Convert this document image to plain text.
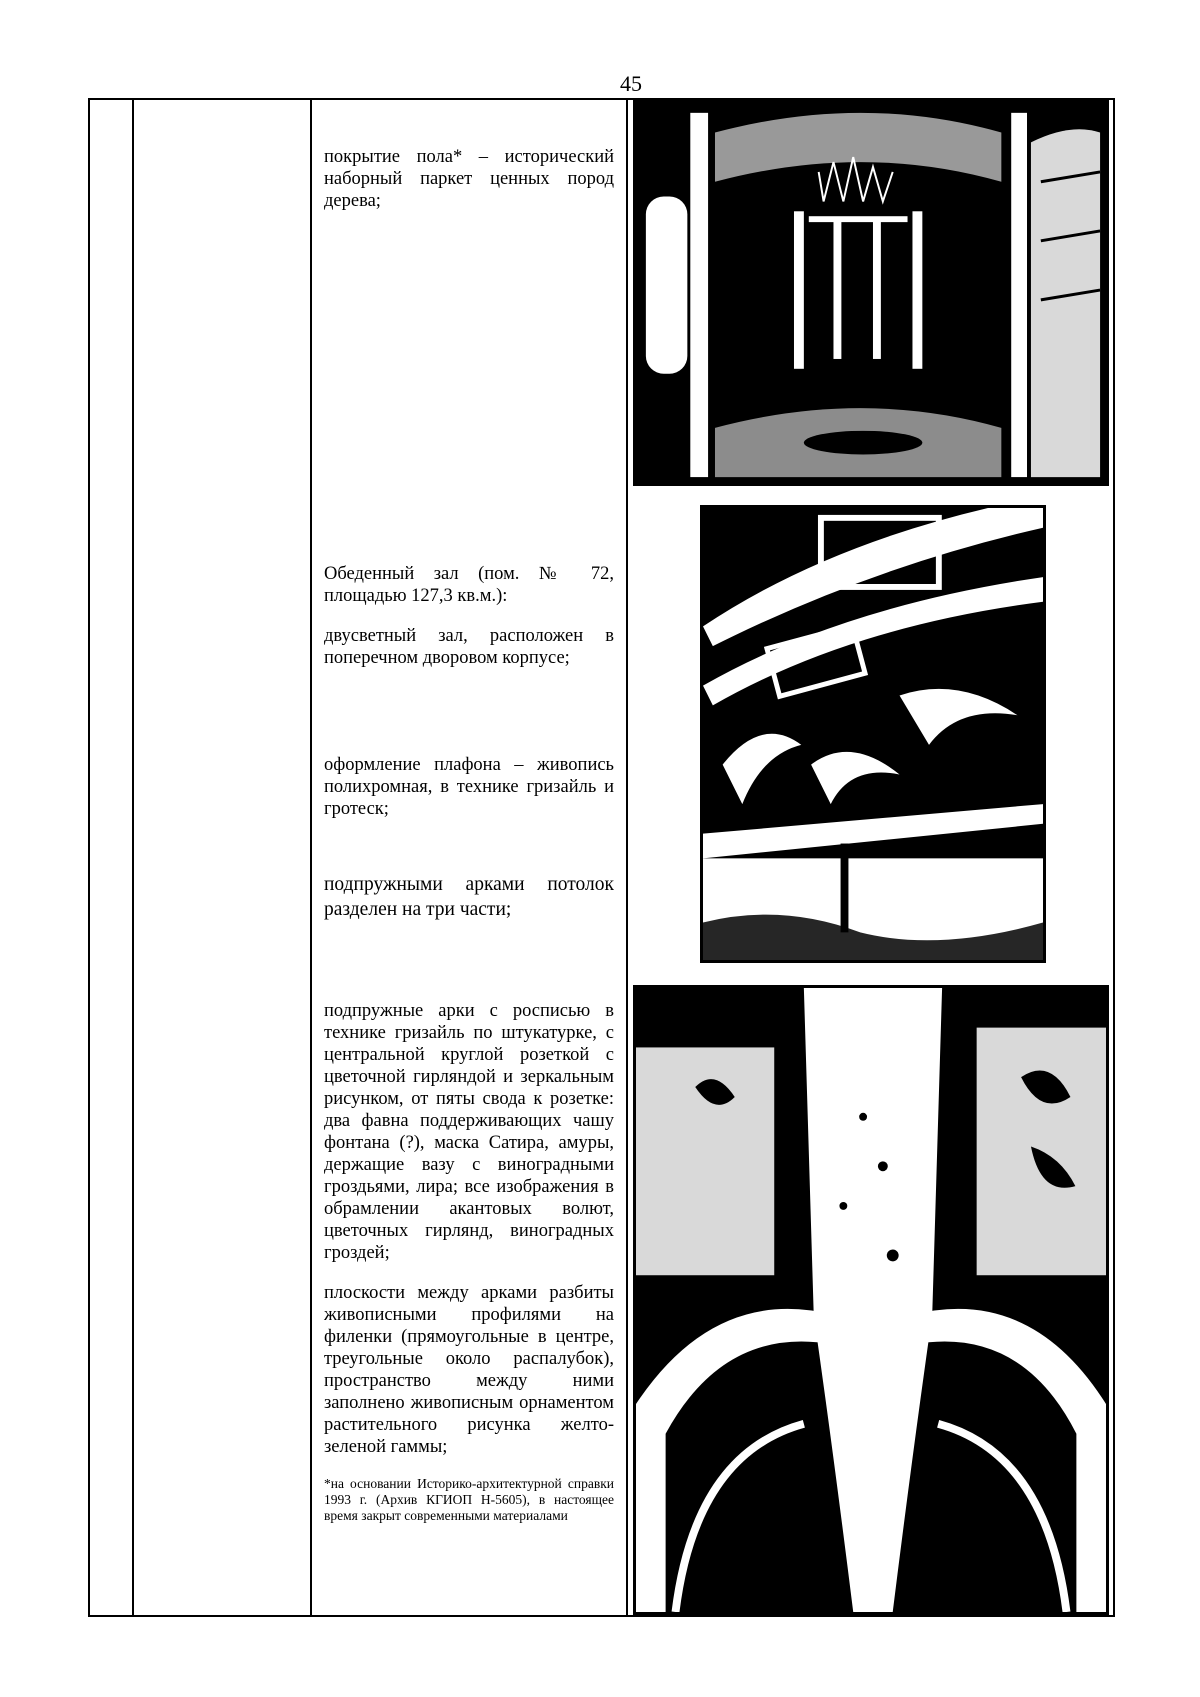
45

покрытие пола* – исторический наборный паркет ценных пород дерева;

Обеденный зал (пом. № 72, площадью 127,3 кв.м.):

двусветный зал, расположен в поперечном дворовом корпусе;

оформление плафона – живопись полихромная, в технике гризайль и гротеск;

подпружными арками потолок разделен на три части;

подпружные арки с росписью в технике гризайль по штукатурке, с центральной круглой розеткой с цветочной гирляндой и зеркальным рисунком, от пяты свода к розетке: два фавна поддерживающих чашу фонтана (?), маска Сатира, амуры, держащие вазу с виноградными гроздьями, лира; все изображения в обрамлении акантовых волют, цветочных гирлянд, виноградных гроздей;

плоскости между арками разбиты живописными профилями на филенки (прямоугольные в центре, треугольные около распалубок), пространство между ними заполнено живописным орнаментом растительного рисунка желто-зеленой гаммы;

*на основании Историко-архитектурной справки 1993 г. (Архив КГИОП Н-5605), в настоящее время закрыт современными материалами
